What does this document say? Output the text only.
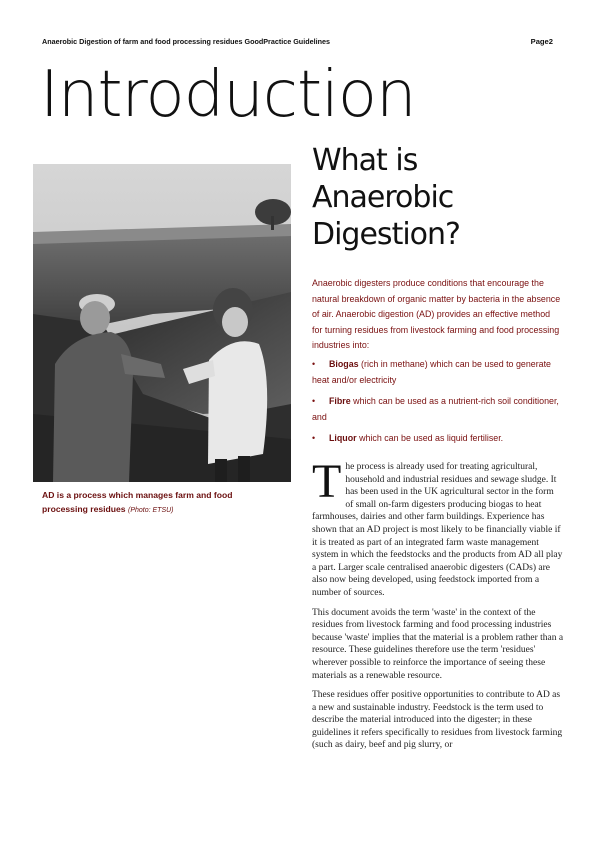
Anaerobic Digestion of farm and food processing residues GoodPractice Guidelines	Page2
Introduction
What is
Anaerobic
Digestion?
AD is a process which manages farm and food processing residues (Photo: ETSU)

Anaerobic digesters produce conditions that encourage the natural breakdown of organic matter by bacteria in the absence of air. Anaerobic digestion (AD) provides an effective method for turning residues from livestock farming and food processing industries into:

• Biogas (rich in methane) which can be used to generate heat and/or electricity
• Fibre which can be used as a nutrient-rich soil conditioner, and
• Liquor which can be used as liquid fertiliser.

The process is already used for treating agricultural, household and industrial residues and sewage sludge. It has been used in the UK agricultural sector in the form of small on-farm digesters producing biogas to heat farmhouses, dairies and other farm buildings. Experience has shown that an AD project is most likely to be financially viable if it is treated as part of an integrated farm waste management system in which the feedstocks and the products from AD all play a part. Larger scale centralised anaerobic digesters (CADs) are also now being developed, using feedstock imported from a number of sources.

This document avoids the term 'waste' in the context of the residues from livestock farming and food processing industries because 'waste' implies that the material is a problem rather than a resource. These guidelines therefore use the term 'residues' wherever possible to reinforce the importance of seeing these materials as a renewable resource.

These residues offer positive opportunities to contribute to AD as a new and sustainable industry. Feedstock is the term used to describe the material introduced into the digester; in these guidelines it refers specifically to residues from livestock farming (such as dairy, beef and pig slurry, or
